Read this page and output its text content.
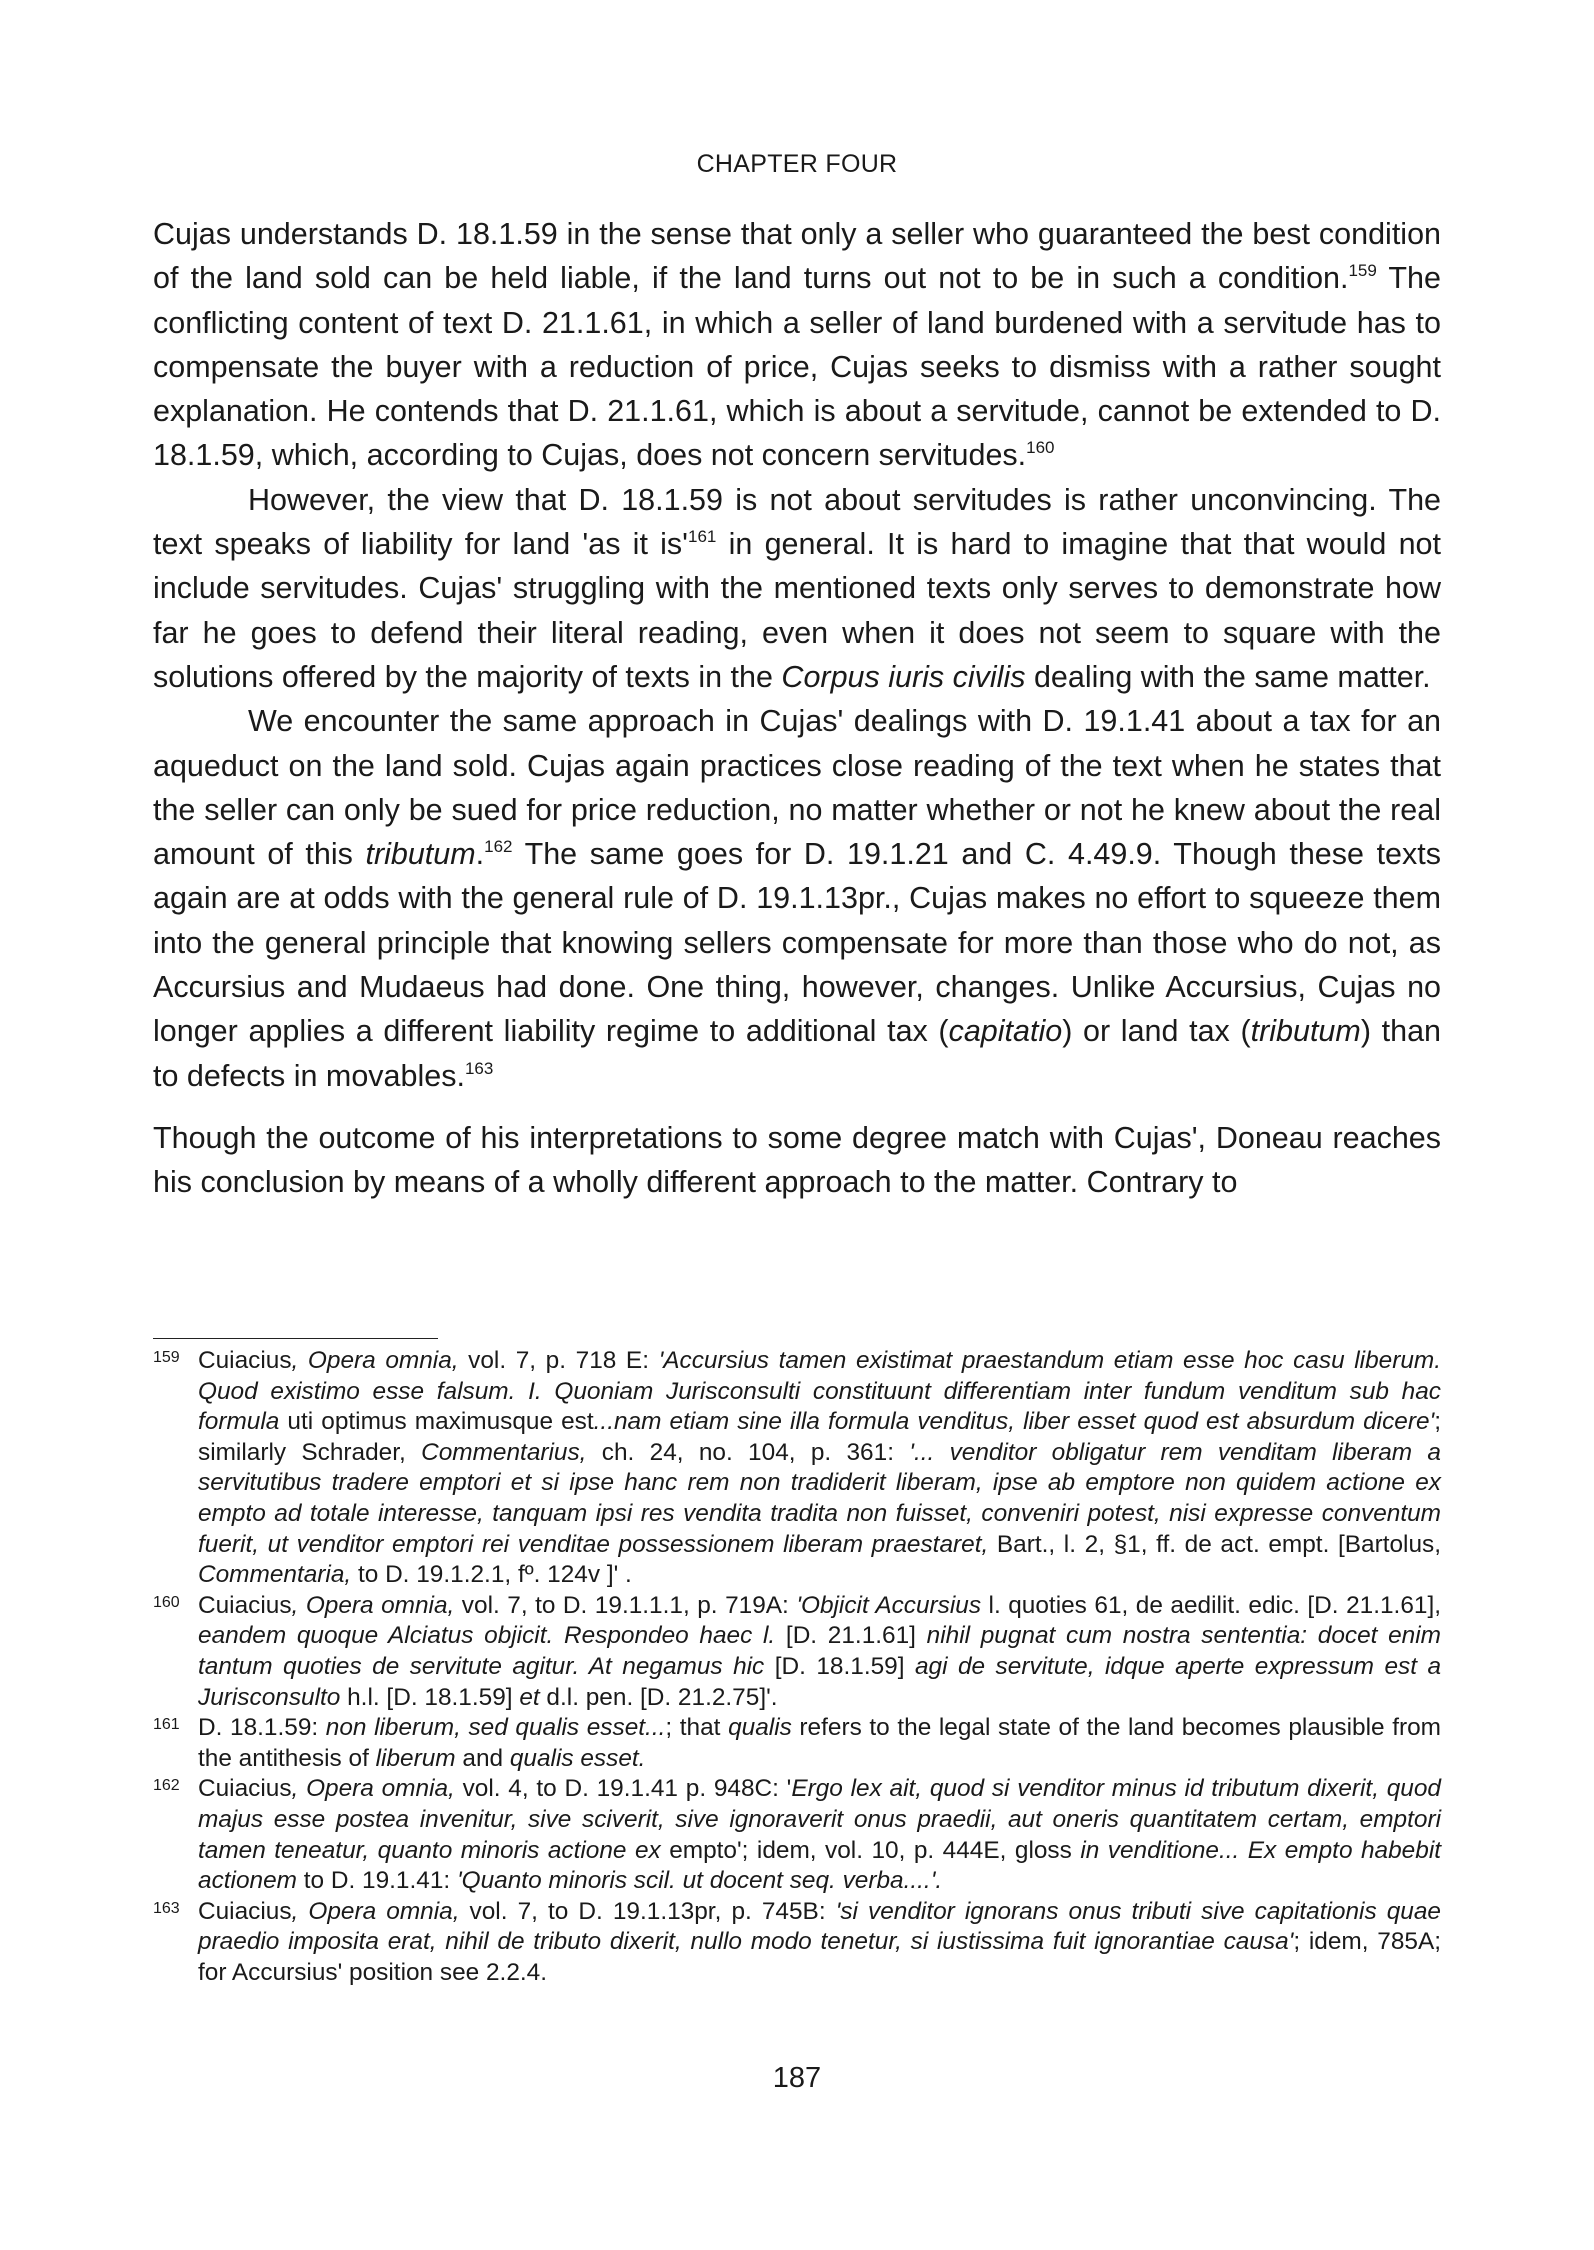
CHAPTER FOUR

Cujas understands D. 18.1.59 in the sense that only a seller who guaranteed the best condition of the land sold can be held liable, if the land turns out not to be in such a condition.$^{159}$ The conflicting content of text D. 21.1.61, in which a seller of land burdened with a servitude has to compensate the buyer with a reduction of price, Cujas seeks to dismiss with a rather sought explanation. He contends that D. 21.1.61, which is about a servitude, cannot be extended to D. 18.1.59, which, according to Cujas, does not concern servitudes.$^{160}$

However, the view that D. 18.1.59 is not about servitudes is rather unconvincing. The text speaks of liability for land 'as it is'$^{161}$ in general. It is hard to imagine that that would not include servitudes. Cujas' struggling with the mentioned texts only serves to demonstrate how far he goes to defend their literal reading, even when it does not seem to square with the solutions offered by the majority of texts in the Corpus iuris civilis dealing with the same matter.

We encounter the same approach in Cujas' dealings with D. 19.1.41 about a tax for an aqueduct on the land sold. Cujas again practices close reading of the text when he states that the seller can only be sued for price reduction, no matter whether or not he knew about the real amount of this tributum.$^{162}$ The same goes for D. 19.1.21 and C. 4.49.9. Though these texts again are at odds with the general rule of D. 19.1.13pr., Cujas makes no effort to squeeze them into the general principle that knowing sellers compensate for more than those who do not, as Accursius and Mudaeus had done. One thing, however, changes. Unlike Accursius, Cujas no longer applies a different liability regime to additional tax (capitatio) or land tax (tributum) than to defects in movables.$^{163}$

Though the outcome of his interpretations to some degree match with Cujas', Doneau reaches his conclusion by means of a wholly different approach to the matter. Contrary to

159 Cuiacius, Opera omnia, vol. 7, p. 718 E: 'Accursius tamen existimat praestandum etiam esse hoc casu liberum. Quod existimo esse falsum. I. Quoniam Jurisconsulti constituunt differentiam inter fundum venditum sub hac formula uti optimus maximusque est...nam etiam sine illa formula venditus, liber esset quod est absurdum dicere'; similarly Schrader, Commentarius, ch. 24, no. 104, p. 361: '... venditor obligatur rem venditam liberam a servitutibus tradere emptori et si ipse hanc rem non tradiderit liberam, ipse ab emptore non quidem actione ex empto ad totale interesse, tanquam ipsi res vendita tradita non fuisset, conveniri potest, nisi expresse conventum fuerit, ut venditor emptori rei venditae possessionem liberam praestaret, Bart., l. 2, §1, ff. de act. empt. [Bartolus, Commentaria, to D. 19.1.2.1, fº. 124v ]' .
160 Cuiacius, Opera omnia, vol. 7, to D. 19.1.1.1, p. 719A: 'Objicit Accursius l. quoties 61, de aedilit. edic. [D. 21.1.61], eandem quoque Alciatus objicit. Respondeo haec l. [D. 21.1.61] nihil pugnat cum nostra sententia: docet enim tantum quoties de servitute agitur. At negamus hic [D. 18.1.59] agi de servitute, idque aperte expressum est a Jurisconsulto h.l. [D. 18.1.59] et d.l. pen. [D. 21.2.75]'.
161 D. 18.1.59: non liberum, sed qualis esset...; that qualis refers to the legal state of the land becomes plausible from the antithesis of liberum and qualis esset.
162 Cuiacius, Opera omnia, vol. 4, to D. 19.1.41 p. 948C: 'Ergo lex ait, quod si venditor minus id tributum dixerit, quod majus esse postea invenitur, sive sciverit, sive ignoraverit onus praedii, aut oneris quantitatem certam, emptori tamen teneatur, quanto minoris actione ex empto'; idem, vol. 10, p. 444E, gloss in venditione... Ex empto habebit actionem to D. 19.1.41: 'Quanto minoris scil. ut docent seq. verba....'.
163 Cuiacius, Opera omnia, vol. 7, to D. 19.1.13pr, p. 745B: 'si venditor ignorans onus tributi sive capitationis quae praedio imposita erat, nihil de tributo dixerit, nullo modo tenetur, si iustissima fuit ignorantiae causa'; idem, 785A; for Accursius' position see 2.2.4.
187
